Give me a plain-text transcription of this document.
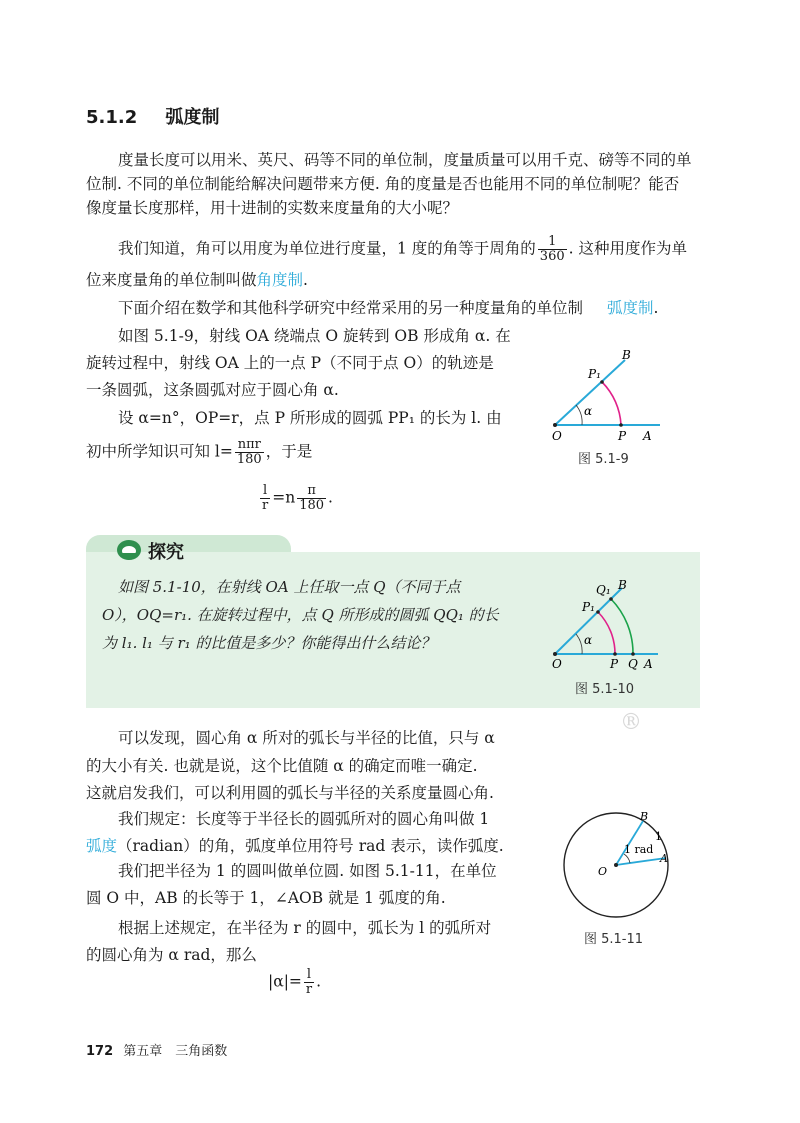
5.1.2 弧度制
度量长度可以用米、英尺、码等不同的单位制，度量质量可以用千克、磅等不同的单
位制. 不同的单位制能给解决问题带来方便. 角的度量是否也能用不同的单位制呢？能否
像度量长度那样，用十进制的实数来度量角的大小呢？
我们知道，角可以用度为单位进行度量，1 度的角等于周角的 $\frac{1}{360}$ . 这种用度作为单
位来度量角的单位制叫做角度制.
下面介绍在数学和其他科学研究中经常采用的另一种度量角的单位制 弧度制.
如图 5.1-9，射线 OA 绕端点 O 旋转到 OB 形成角 α. 在
旋转过程中，射线 OA 上的一点 P（不同于点 O）的轨迹是
一条圆弧，这条圆弧对应于圆心角 α.
设 α=n°，OP=r，点 P 所形成的圆弧 PP₁ 的长为 l. 由
初中所学知识可知 $l= \frac{\text{nπr}}{180}$ ，于是
$\frac{l}{r} =n \frac{\pi}{180}$ .
O	P A
B
P₁
α
图 5.1-9
探究
如图 5.1-10，在射线 OA 上任取一点 Q（不同于点
O），OQ=r₁. 在旋转过程中，点 Q 所形成的圆弧 QQ₁ 的长
为 l₁. l₁ 与 r₁ 的比值是多少？你能得出什么结论？
O	P Q A
B
Q₁
P₁
α
图 5.1-10
®
可以发现，圆心角 α 所对的弧长与半径的比值，只与 α
的大小有关. 也就是说，这个比值随 α 的确定而唯一确定.
这就启发我们，可以利用圆的弧长与半径的关系度量圆心角.
我们规定：长度等于半径长的圆弧所对的圆心角叫做 1
弧度（radian）的角，弧度单位用符号 rad 表示，读作弧度.
我们把半径为 1 的圆叫做单位圆. 如图 5.1-11，在单位
圆 O 中，AB 的长等于 1，∠AOB 就是 1 弧度的角.
根据上述规定，在半径为 r 的圆中，弧长为 l 的弧所对
的圆心角为 α rad，那么
$|\alpha|= \frac{l}{r}$ .
O
A
B
1
1 rad
图 5.1-11
172 第五章　三角函数
